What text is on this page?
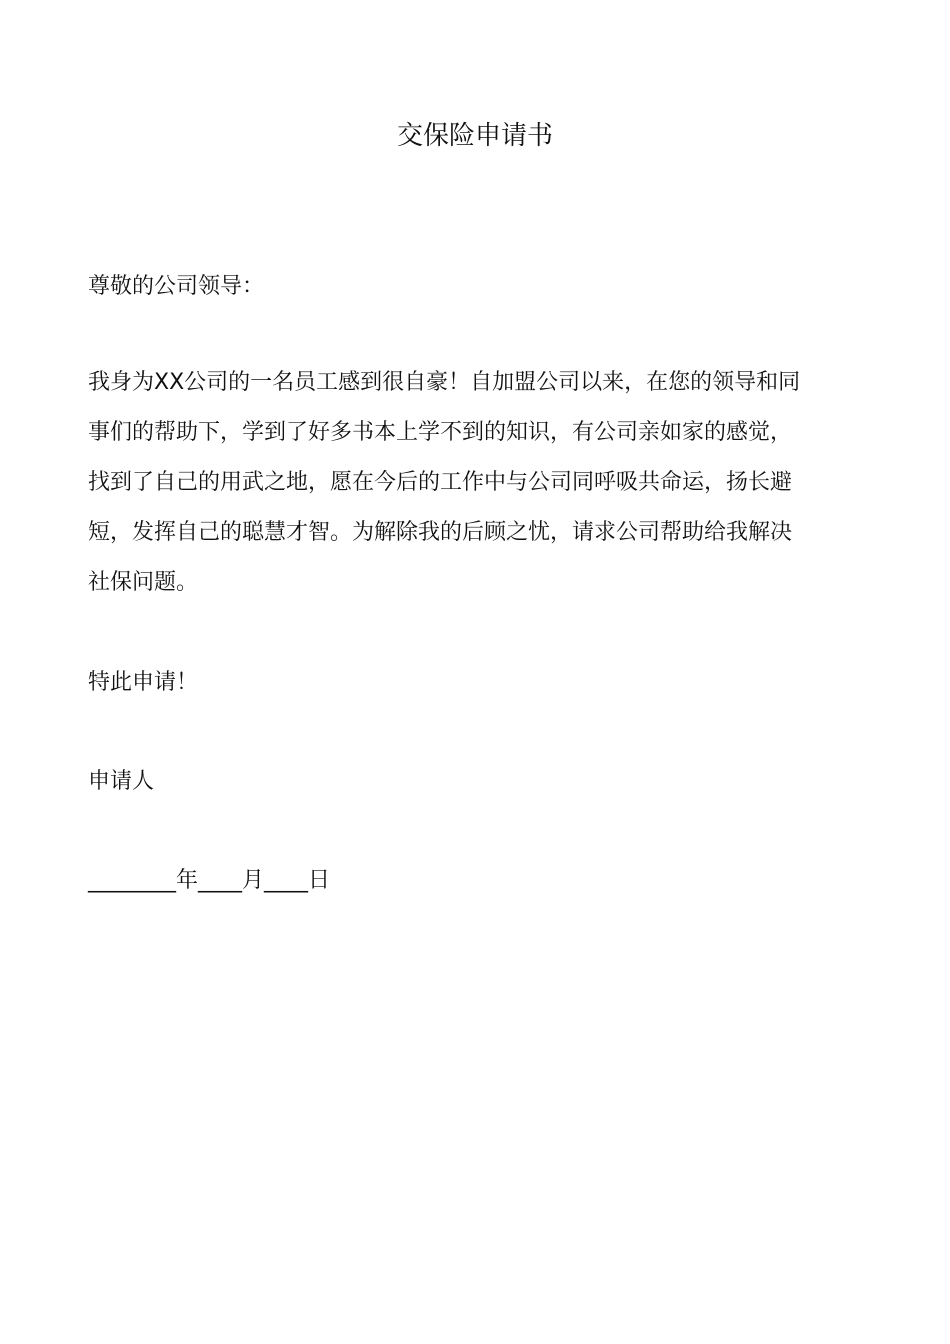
交保险申请书

尊敬的公司领导：

我身为XX公司的一名员工感到很自豪！自加盟公司以来，在您的领导和同
事们的帮助下，学到了好多书本上学不到的知识，有公司亲如家的感觉，
找到了自己的用武之地，愿在今后的工作中与公司同呼吸共命运，扬长避
短，发挥自己的聪慧才智。为解除我的后顾之忧，请求公司帮助给我解决
社保问题。

特此申请！

申请人

________年____月____日
